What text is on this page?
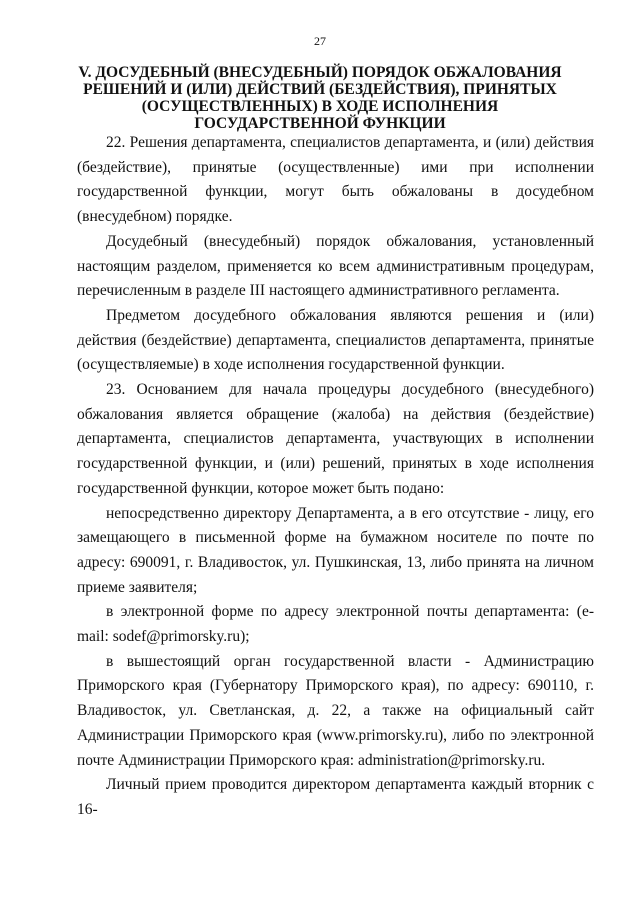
27
V. ДОСУДЕБНЫЙ (ВНЕСУДЕБНЫЙ) ПОРЯДОК ОБЖАЛОВАНИЯ РЕШЕНИЙ И (ИЛИ) ДЕЙСТВИЙ (БЕЗДЕЙСТВИЯ), ПРИНЯТЫХ (ОСУЩЕСТВЛЕННЫХ) В ХОДЕ ИСПОЛНЕНИЯ ГОСУДАРСТВЕННОЙ ФУНКЦИИ

22. Решения департамента, специалистов департамента, и (или) действия (бездействие), принятые (осуществленные) ими при исполнении государственной функции, могут быть обжалованы в досудебном (внесудебном) порядке.

Досудебный (внесудебный) порядок обжалования, установленный настоящим разделом, применяется ко всем административным процедурам, перечисленным в разделе III настоящего административного регламента.

Предметом досудебного обжалования являются решения и (или) действия (бездействие) департамента, специалистов департамента, принятые (осуществляемые) в ходе исполнения государственной функции.

23. Основанием для начала процедуры досудебного (внесудебного) обжалования является обращение (жалоба) на действия (бездействие) департамента, специалистов департамента, участвующих в исполнении государственной функции, и (или) решений, принятых в ходе исполнения государственной функции, которое может быть подано:

непосредственно директору Департамента, а в его отсутствие - лицу, его замещающего в письменной форме на бумажном носителе по почте по адресу: 690091, г. Владивосток, ул. Пушкинская, 13, либо принята на личном приеме заявителя;

в электронной форме по адресу электронной почты департамента: (e-mail: sodef@primorsky.ru);

в вышестоящий орган государственной власти - Администрацию Приморского края (Губернатору Приморского края), по адресу: 690110, г. Владивосток, ул. Светланская, д. 22, а также на официальный сайт Администрации Приморского края (www.primorsky.ru), либо по электронной почте Администрации Приморского края: administration@primorsky.ru.

Личный прием проводится директором департамента каждый вторник с 16-
